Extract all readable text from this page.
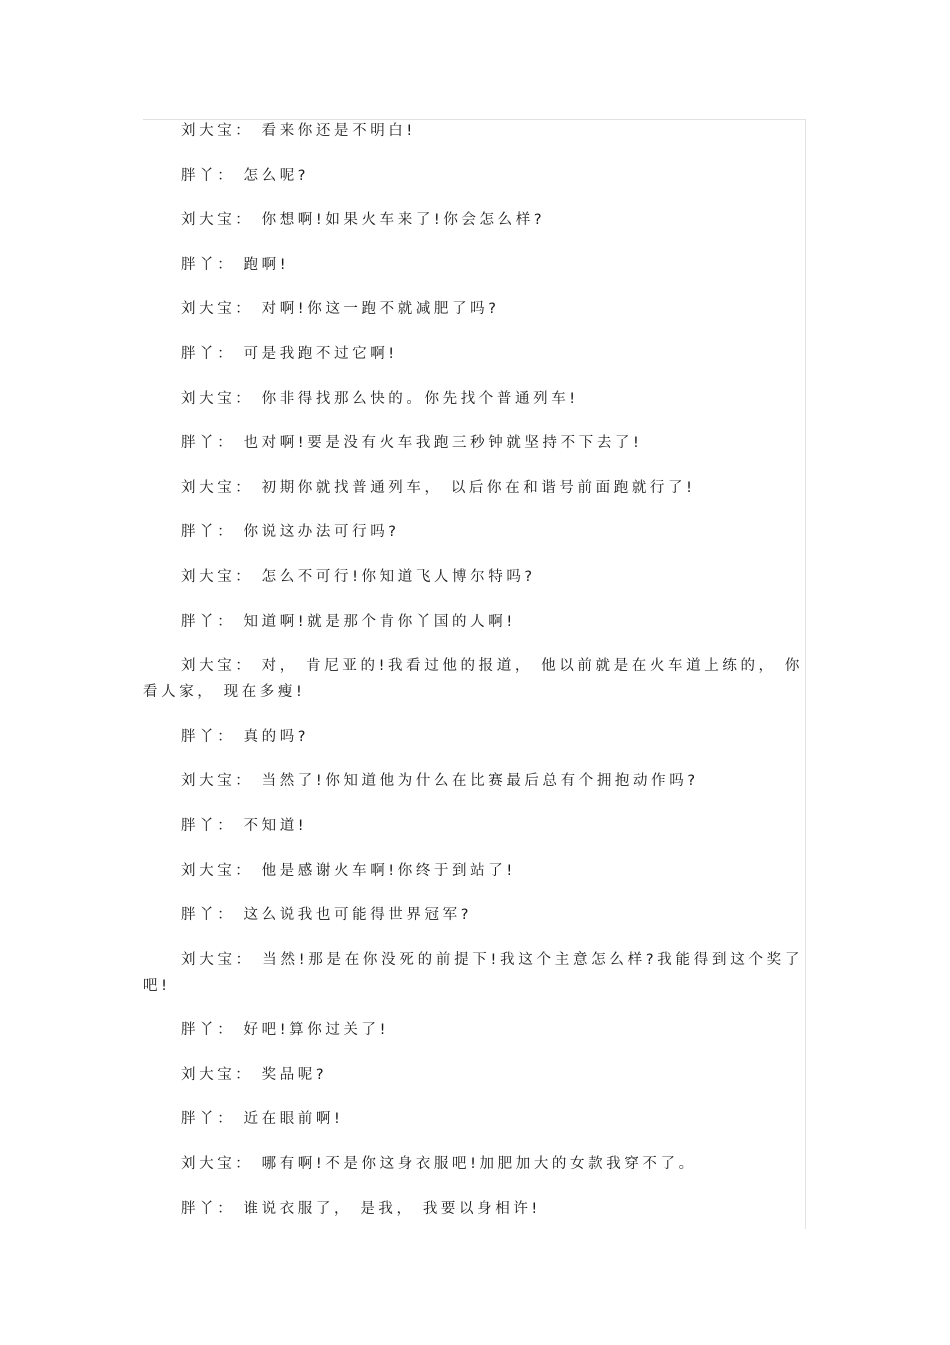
刘大宝： 看来你还是不明白!

胖丫： 怎么呢?

刘大宝： 你想啊!如果火车来了!你会怎么样?

胖丫： 跑啊!

刘大宝： 对啊!你这一跑不就减肥了吗?

胖丫： 可是我跑不过它啊!

刘大宝： 你非得找那么快的。你先找个普通列车!

胖丫： 也对啊!要是没有火车我跑三秒钟就坚持不下去了!

刘大宝： 初期你就找普通列车， 以后你在和谐号前面跑就行了!

胖丫： 你说这办法可行吗?

刘大宝： 怎么不可行!你知道飞人博尔特吗?

胖丫： 知道啊!就是那个肯你丫国的人啊!

刘大宝： 对， 肯尼亚的!我看过他的报道， 他以前就是在火车道上练的， 你看人家， 现在多瘦!

胖丫： 真的吗?

刘大宝： 当然了!你知道他为什么在比赛最后总有个拥抱动作吗?

胖丫： 不知道!

刘大宝： 他是感谢火车啊!你终于到站了!

胖丫： 这么说我也可能得世界冠军?

刘大宝： 当然!那是在你没死的前提下!我这个主意怎么样?我能得到这个奖了吧!

胖丫： 好吧!算你过关了!

刘大宝： 奖品呢?

胖丫： 近在眼前啊!

刘大宝： 哪有啊!不是你这身衣服吧!加肥加大的女款我穿不了。

胖丫： 谁说衣服了， 是我， 我要以身相许!
